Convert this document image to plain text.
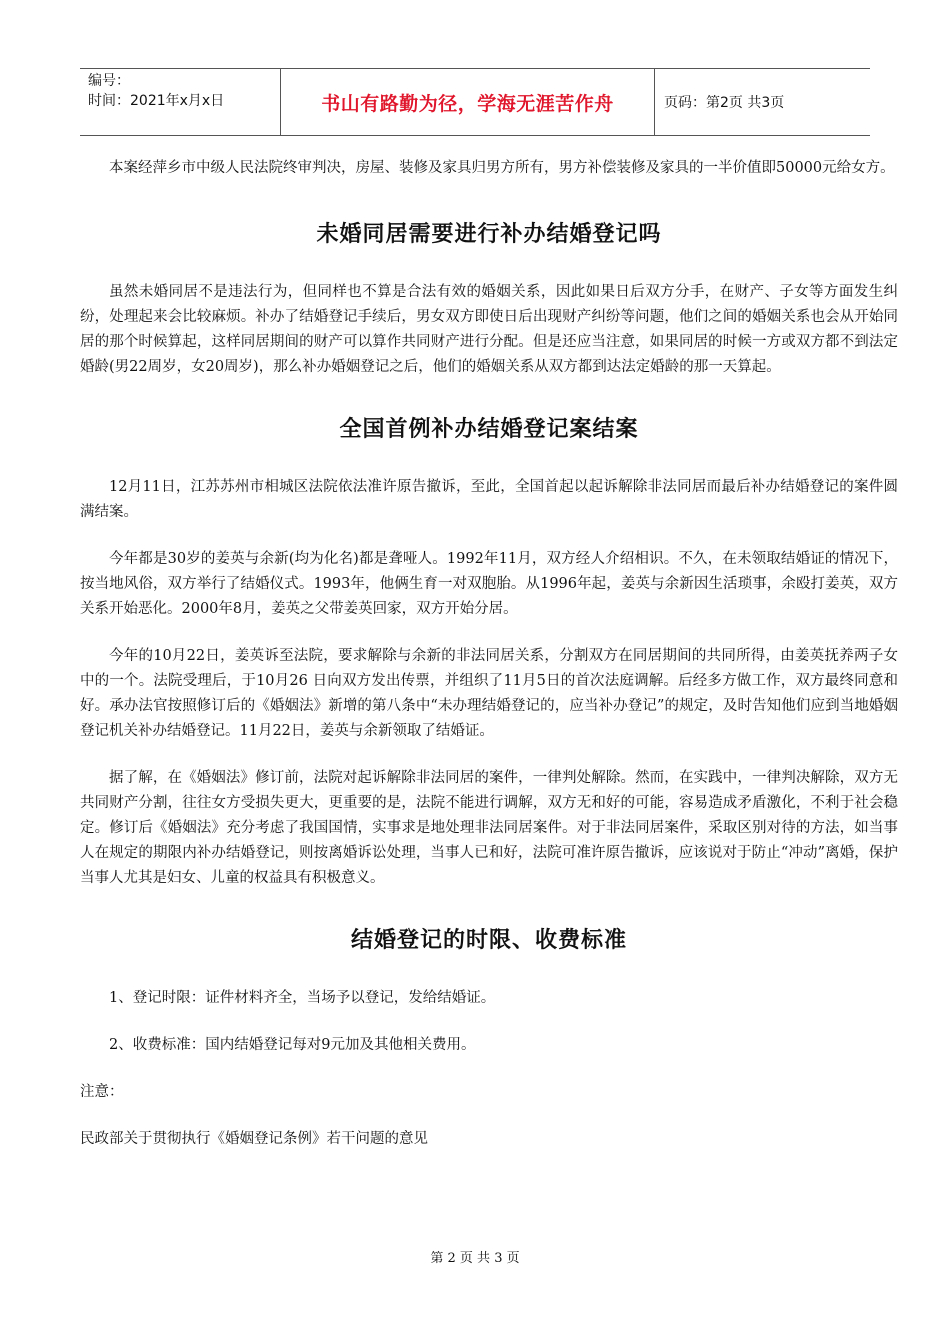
编号：
时间：2021年x月x日	书山有路勤为径，学海无涯苦作舟	页码：第2页 共3页

本案经萍乡市中级人民法院终审判决，房屋、装修及家具归男方所有，男方补偿装修及家具的一半价值即50000元给女方。

未婚同居需要进行补办结婚登记吗

虽然未婚同居不是违法行为，但同样也不算是合法有效的婚姻关系，因此如果日后双方分手，在财产、子女等方面发生纠纷，处理起来会比较麻烦。补办了结婚登记手续后，男女双方即使日后出现财产纠纷等问题，他们之间的婚姻关系也会从开始同居的那个时候算起，这样同居期间的财产可以算作共同财产进行分配。但是还应当注意，如果同居的时候一方或双方都不到法定婚龄(男22周岁，女20周岁)，那么补办婚姻登记之后，他们的婚姻关系从双方都到达法定婚龄的那一天算起。

全国首例补办结婚登记案结案

12月11日，江苏苏州市相城区法院依法准许原告撤诉，至此，全国首起以起诉解除非法同居而最后补办结婚登记的案件圆满结案。

今年都是30岁的姜英与余新(均为化名)都是聋哑人。1992年11月，双方经人介绍相识。不久，在未领取结婚证的情况下，按当地风俗，双方举行了结婚仪式。1993年，他俩生育一对双胞胎。从1996年起，姜英与余新因生活琐事，余殴打姜英，双方关系开始恶化。2000年8月，姜英之父带姜英回家，双方开始分居。

今年的10月22日，姜英诉至法院，要求解除与余新的非法同居关系，分割双方在同居期间的共同所得，由姜英抚养两子女中的一个。法院受理后，于10月26 日向双方发出传票，并组织了11月5日的首次法庭调解。后经多方做工作，双方最终同意和好。承办法官按照修订后的《婚姻法》新增的第八条中“未办理结婚登记的，应当补办登记”的规定，及时告知他们应到当地婚姻登记机关补办结婚登记。11月22日，姜英与余新领取了结婚证。

据了解，在《婚姻法》修订前，法院对起诉解除非法同居的案件，一律判处解除。然而，在实践中，一律判决解除，双方无共同财产分割，往往女方受损失更大，更重要的是，法院不能进行调解，双方无和好的可能，容易造成矛盾激化，不利于社会稳定。修订后《婚姻法》充分考虑了我国国情，实事求是地处理非法同居案件。对于非法同居案件，采取区别对待的方法，如当事人在规定的期限内补办结婚登记，则按离婚诉讼处理，当事人已和好，法院可准许原告撤诉，应该说对于防止“冲动”离婚，保护当事人尤其是妇女、儿童的权益具有积极意义。

结婚登记的时限、收费标准

1、登记时限：证件材料齐全，当场予以登记，发给结婚证。

2、收费标准：国内结婚登记每对9元加及其他相关费用。

注意：

民政部关于贯彻执行《婚姻登记条例》若干问题的意见

第 2 页 共 3 页
